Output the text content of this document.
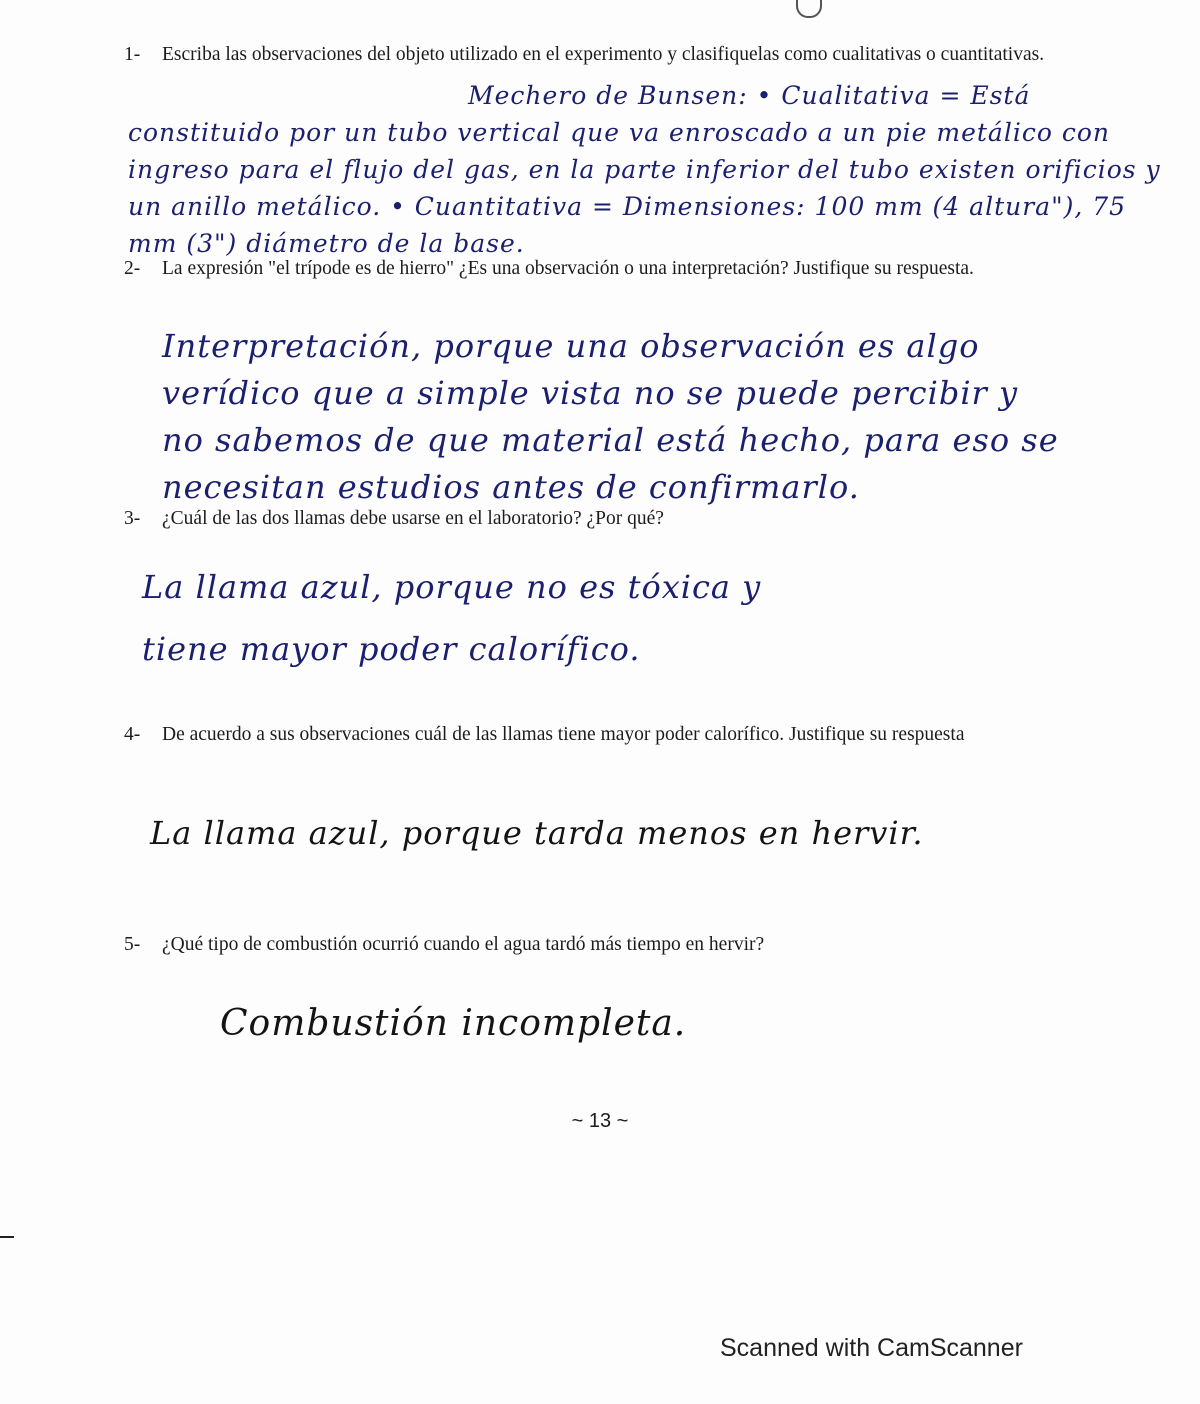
1-	Escriba las observaciones del objeto utilizado en el experimento y clasifiquelas como cualitativas o cuantitativas.
Mechero de Bunsen: • Cualitativa = Está constituido por un tubo vertical que va enroscado a un pie metálico con ingreso para el flujo del gas, en la parte inferior del tubo existen orificios y un anillo metálico. • Cuantitativa = Dimensiones: 100 mm (4 altura"), 75 mm (3") diámetro de la base.
2-	La expresión "el trípode es de hierro" ¿Es una observación o una interpretación? Justifique su respuesta.
Interpretación, porque una observación es algo verídico que a simple vista no se puede percibir y no sabemos de que material está hecho, para eso se necesitan estudios antes de confirmarlo.
3-	¿Cuál de las dos llamas debe usarse en el laboratorio? ¿Por qué?
La llama azul, porque no es tóxica y tiene mayor poder calorífico.
4-	De acuerdo a sus observaciones cuál de las llamas tiene mayor poder calorífico. Justifique su respuesta
La llama azul, porque tarda menos en hervir.
5-	¿Qué tipo de combustión ocurrió cuando el agua tardó más tiempo en hervir?
Combustión incompleta.
~ 13 ~
Scanned with CamScanner
